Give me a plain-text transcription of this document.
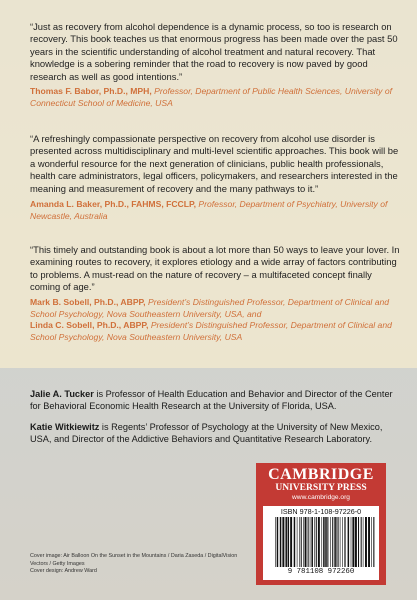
“Just as recovery from alcohol dependence is a dynamic process, so too is research on recovery. This book teaches us that enormous progress has been made over the past 50 years in the scientific understanding of alcohol treatment and natural recovery. That knowledge is a sobering reminder that the road to recovery is now paved by good research as well as good intentions.”
Thomas F. Babor, Ph.D., MPH, Professor, Department of Public Health Sciences, University of Connecticut School of Medicine, USA
“A refreshingly compassionate perspective on recovery from alcohol use disorder is presented across multidisciplinary and multi-level scientific approaches. This book will be a wonderful resource for the next generation of clinicians, public health professionals, health care administrators, legal officers, policymakers, and researchers interested in the meaning and measurement of recovery and the many pathways to it.”
Amanda L. Baker, Ph.D., FAHMS, FCCLP, Professor, Department of Psychiatry, University of Newcastle, Australia
“This timely and outstanding book is about a lot more than 50 ways to leave your lover. In examining routes to recovery, it explores etiology and a wide array of factors contributing to problems. A must-read on the nature of recovery – a multifaceted concept finally coming of age.”
Mark B. Sobell, Ph.D., ABPP, President’s Distinguished Professor, Department of Clinical and School Psychology, Nova Southeastern University, USA, and
Linda C. Sobell, Ph.D., ABPP, President’s Distinguished Professor, Department of Clinical and School Psychology, Nova Southeastern University, USA
Jalie A. Tucker is Professor of Health Education and Behavior and Director of the Center for Behavioral Economic Health Research at the University of Florida, USA.
Katie Witkiewitz is Regents’ Professor of Psychology at the University of New Mexico, USA, and Director of the Addictive Behaviors and Quantitative Research Laboratory.
CAMBRIDGE
UNIVERSITY PRESS
www.cambridge.org
ISBN 978-1-108-97226-0
9 781108 972260
Cover image: Air Balloon On the Sunset in the Mountains / Daria Zaseda / DigitalVision Vectors / Getty Images
Cover design: Andrew Ward
